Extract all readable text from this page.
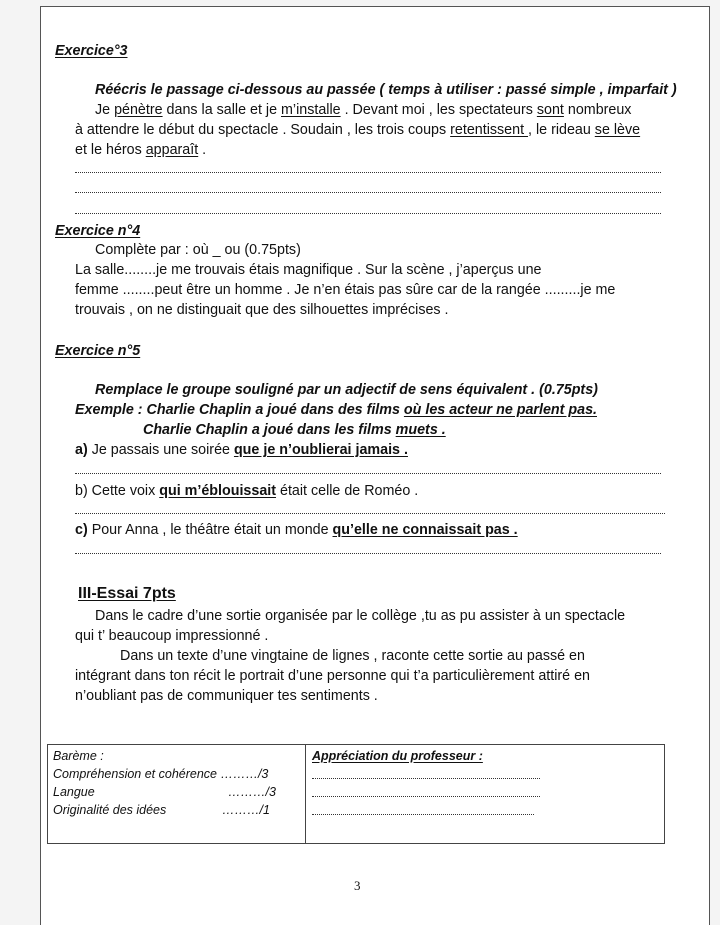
Exercice°3
Réécris le passage ci-dessous au passée ( temps à utiliser : passé simple , imparfait )
Je pénètre dans la salle et je m’installe . Devant moi , les spectateurs sont nombreux
à attendre le début du spectacle . Soudain , les trois coups retentissent , le rideau se lève
et le héros apparaît .
Exercice n°4
Complète par : où _ ou (0.75pts)
La salle........je me trouvais étais magnifique . Sur la scène , j’aperçus une
femme ........peut être un homme . Je n’en étais pas sûre car de la rangée .........je me
trouvais , on ne distinguait que des silhouettes imprécises .
Exercice n°5
Remplace le groupe souligné par un adjectif de sens équivalent . (0.75pts)
Exemple : Charlie Chaplin a joué dans des films où les acteur ne parlent pas.
Charlie Chaplin a joué dans les films muets .
a) Je passais une soirée que je n’oublierai jamais .
b) Cette voix qui m’éblouissait était celle de Roméo .
c) Pour Anna , le théâtre était un monde qu’elle ne connaissait pas .
III-Essai 7pts
Dans le cadre d’une sortie organisée par le collège ,tu as pu assister à un spectacle
qui t’ beaucoup impressionné .
Dans un texte d’une vingtaine de lignes , raconte cette sortie au passé en
intégrant dans ton récit le portrait d’une personne qui t’a particulièrement attiré en
n’oubliant pas de communiquer tes sentiments .
Barème :
Compréhension et cohérence ………/3
Langue	………/3
Originalité des idées	………/1
Appréciation du professeur :
3
